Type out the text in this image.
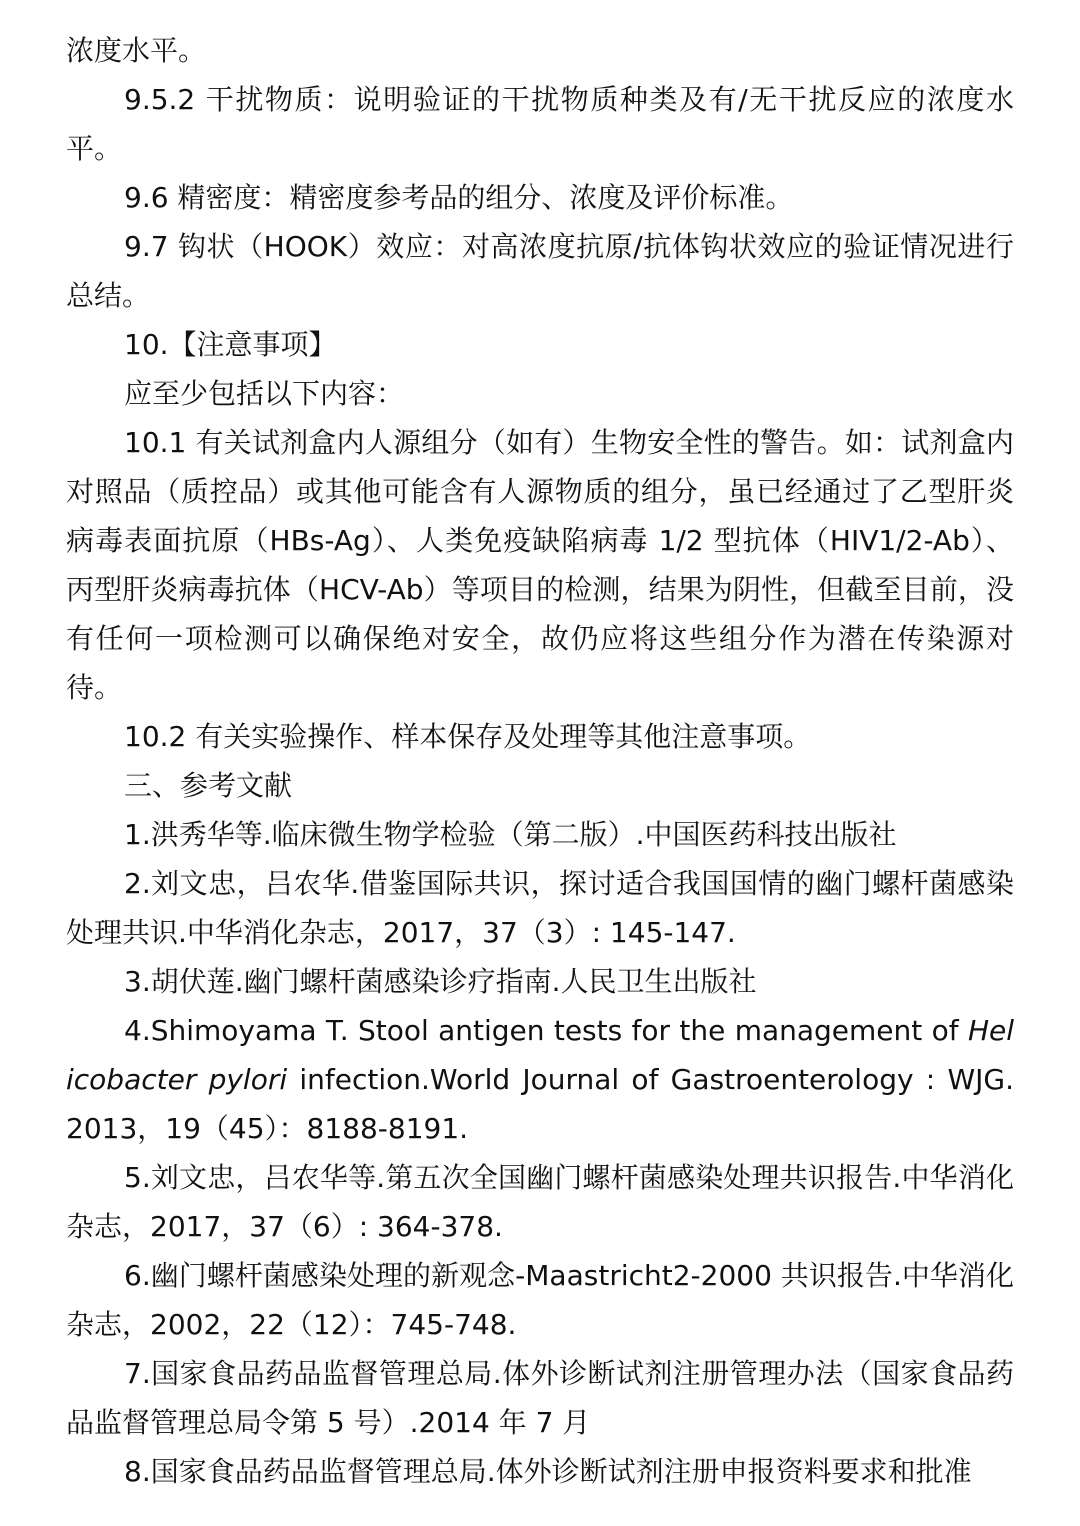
浓度水平。

9.5.2 干扰物质：说明验证的干扰物质种类及有/无干扰反应的浓度水平。

9.6 精密度：精密度参考品的组分、浓度及评价标准。

9.7 钩状（HOOK）效应：对高浓度抗原/抗体钩状效应的验证情况进行总结。

10.【注意事项】

应至少包括以下内容：

10.1 有关试剂盒内人源组分（如有）生物安全性的警告。如：试剂盒内对照品（质控品）或其他可能含有人源物质的组分，虽已经通过了乙型肝炎病毒表面抗原（HBs-Ag）、人类免疫缺陷病毒 1/2 型抗体（HIV1/2-Ab）、丙型肝炎病毒抗体（HCV-Ab）等项目的检测，结果为阴性，但截至目前，没有任何一项检测可以确保绝对安全，故仍应将这些组分作为潜在传染源对待。

10.2 有关实验操作、样本保存及处理等其他注意事项。

三、参考文献

1.洪秀华等.临床微生物学检验（第二版）.中国医药科技出版社

2.刘文忠，吕农华.借鉴国际共识，探讨适合我国国情的幽门螺杆菌感染处理共识.中华消化杂志，2017，37（3）: 145-147.

3.胡伏莲.幽门螺杆菌感染诊疗指南.人民卫生出版社

4.Shimoyama T. Stool antigen tests for the management of Helicobacter pylori infection.World Journal of Gastroenterology : WJG. 2013，19（45）：8188-8191.

5.刘文忠，吕农华等.第五次全国幽门螺杆菌感染处理共识报告.中华消化杂志，2017，37（6）: 364-378.

6.幽门螺杆菌感染处理的新观念-Maastricht2-2000 共识报告.中华消化杂志，2002，22（12）：745-748.

7.国家食品药品监督管理总局.体外诊断试剂注册管理办法（国家食品药品监督管理总局令第 5 号）.2014 年 7 月

8.国家食品药品监督管理总局.体外诊断试剂注册申报资料要求和批准
